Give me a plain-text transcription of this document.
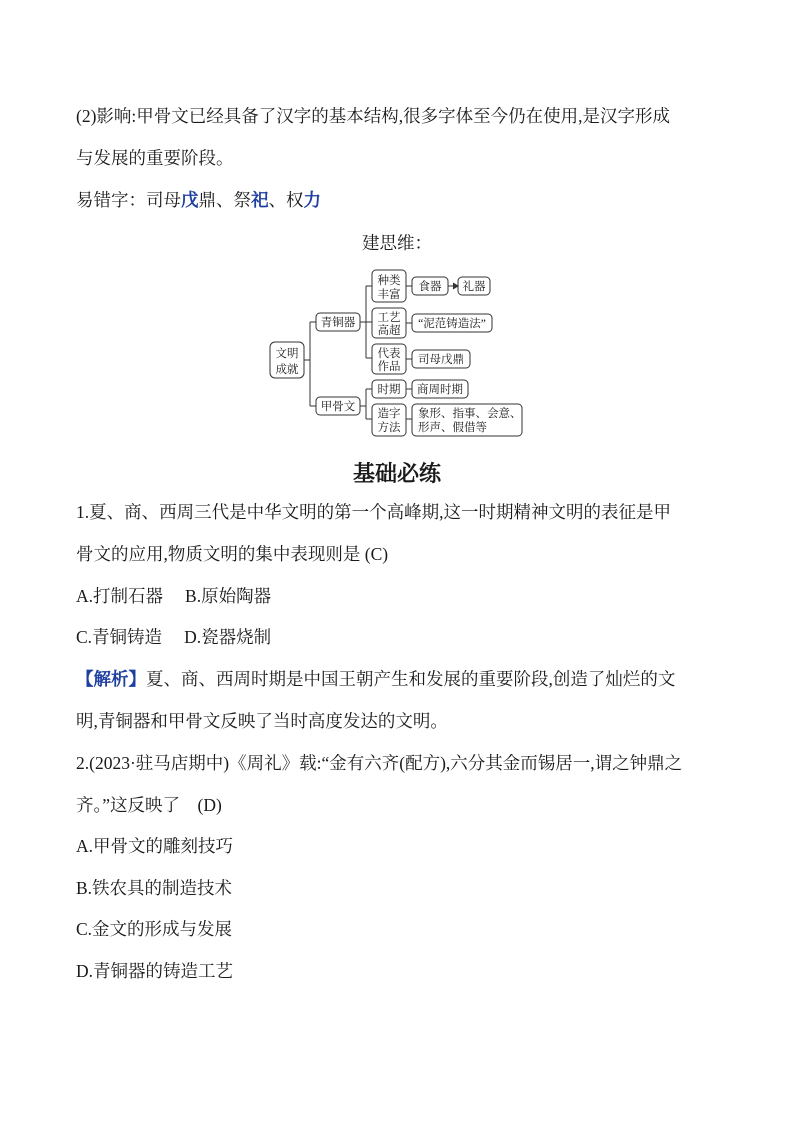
(2)影响:甲骨文已经具备了汉字的基本结构,很多字体至今仍在使用,是汉字形成
与发展的重要阶段。
易错字：司母戊鼎、祭祀、权力
建思维：
文明
成就
青铜器
种类
丰富
食器 礼器
工艺
高超
“泥范铸造法”
代表
作品
司母戊鼎
甲骨文
时期 商周时期
造字
方法
象形、指事、会意、
形声、假借等
基础必练
1.夏、商、西周三代是中华文明的第一个高峰期,这一时期精神文明的表征是甲
骨文的应用,物质文明的集中表现则是 (C)
A.打制石器 B.原始陶器
C.青铜铸造 D.瓷器烧制
【解析】夏、商、西周时期是中国王朝产生和发展的重要阶段,创造了灿烂的文
明,青铜器和甲骨文反映了当时高度发达的文明。
2.(2023·驻马店期中)《周礼》载:“金有六齐(配方),六分其金而锡居一,谓之钟鼎之
齐。”这反映了　(D)
A.甲骨文的雕刻技巧
B.铁农具的制造技术
C.金文的形成与发展
D.青铜器的铸造工艺
